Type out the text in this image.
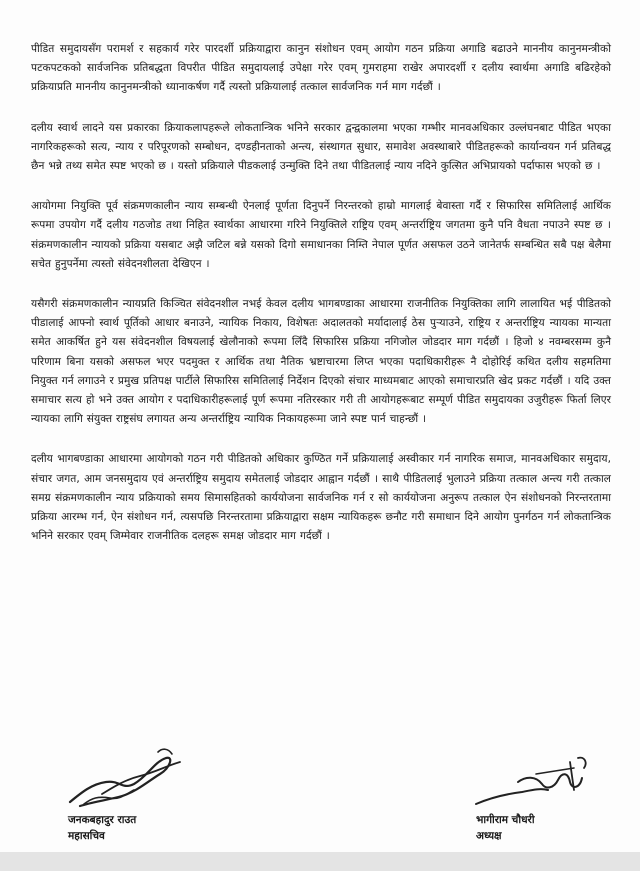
पीडित समुदायसँग परामर्श र सहकार्य गरेर पारदर्शी प्रक्रियाद्वारा कानुन संशोधन एवम् आयोग गठन प्रक्रिया अगाडि बढाउने माननीय कानुनमन्त्रीको पटकपटकको सार्वजनिक प्रतिबद्धता विपरीत पीडित समुदायलाई उपेक्षा गरेर एवम् गुमराहमा राखेर अपारदर्शी र दलीय स्वार्थमा अगाडि बढिरहेको प्रक्रियाप्रति माननीय कानुनमन्त्रीको ध्यानाकर्षण गर्दै त्यस्तो प्रक्रियालाई तत्काल सार्वजनिक गर्न माग गर्दछौं ।

दलीय स्वार्थ लादने यस प्रकारका क्रियाकलापहरूले लोकतान्त्रिक भनिने सरकार द्वन्द्वकालमा भएका गम्भीर मानवअधिकार उल्लंघनबाट पीडित भएका नागरिकहरूको सत्य, न्याय र परिपूरणको सम्बोधन, दण्डहीनताको अन्त्य, संस्थागत सुधार, समावेश अवस्थाबारे पीडितहरूको कार्यान्वयन गर्न प्रतिबद्ध छैन भन्ने तथ्य समेत स्पष्ट भएको छ । यस्तो प्रक्रियाले पीडकलाई उन्मुक्ति दिने तथा पीडितलाई न्याय नदिने कुत्सित अभिप्रायको पर्दाफास भएको छ ।

आयोगमा नियुक्ति पूर्व संक्रमणकालीन न्याय सम्बन्धी ऐनलाई पूर्णता दिनुपर्ने निरन्तरको हाम्रो मागलाई बेवास्ता गर्दै र सिफारिस समितिलाई आर्थिक रूपमा उपयोग गर्दै दलीय गठजोड तथा निहित स्वार्थका आधारमा गरिने नियुक्तिले राष्ट्रिय एवम् अन्तर्राष्ट्रिय जगतमा कुनै पनि वैधता नपाउने स्पष्ट छ । संक्रमणकालीन न्यायको प्रक्रिया यसबाट अझै जटिल बन्ने यसको दिगो समाधानका निम्ति नेपाल पूर्णत असफल उठने जानेतर्फ सम्बन्धित सबै पक्ष बेलैमा सचेत हुनुपर्नेमा त्यस्तो संवेदनशीलता देखिएन ।

यसैगरी संक्रमणकालीन न्यायप्रति किञ्चित संवेदनशील नभई केवल दलीय भागबण्डाका आधारमा राजनीतिक नियुक्तिका लागि लालायित भई पीडितको पीडालाई आफ्नो स्वार्थ पूर्तिको आधार बनाउने, न्यायिक निकाय, विशेषतः अदालतको मर्यादालाई ठेस पुऱ्याउने, राष्ट्रिय र अन्तर्राष्ट्रिय न्यायका मान्यता समेत आकर्षित हुने यस संवेदनशील विषयलाई खेलौनाको रूपमा लिँदै सिफारिस प्रक्रिया नगिजोल जोडदार माग गर्दछौं । हिजो ४ नवम्बरसम्म कुनै परिणाम बिना यसको असफल भएर पदमुक्त र आर्थिक तथा नैतिक भ्रष्टाचारमा लिप्त भएका पदाधिकारीहरू नै दोहोरिई कथित दलीय सहमतिमा नियुक्त गर्न लगाउने र प्रमुख प्रतिपक्ष पार्टीले सिफारिस समितिलाई निर्देशन दिएको संचार माध्यमबाट आएको समाचारप्रति खेद प्रकट गर्दछौं । यदि उक्त समाचार सत्य हो भने उक्त आयोग र पदाधिकारीहरूलाई पूर्ण रूपमा नतिरस्कार गरी ती आयोगहरूबाट सम्पूर्ण पीडित समुदायका उजुरीहरू फिर्ता लिएर न्यायका लागि संयुक्त राष्ट्रसंघ लगायत अन्य अन्तर्राष्ट्रिय न्यायिक निकायहरूमा जाने स्पष्ट पार्न चाहन्छौं ।

दलीय भागबण्डाका आधारमा आयोगको गठन गरी पीडितको अधिकार कुण्ठित गर्ने प्रक्रियालाई अस्वीकार गर्न नागरिक समाज, मानवअधिकार समुदाय, संचार जगत, आम जनसमुदाय एवं अन्तर्राष्ट्रिय समुदाय समेतलाई जोडदार आह्वान गर्दछौं । साथै पीडितलाई भुलाउने प्रक्रिया तत्काल अन्त्य गरी तत्काल समग्र संक्रमणकालीन न्याय प्रक्रियाको समय सिमासहितको कार्ययोजना सार्वजनिक गर्न र सो कार्ययोजना अनुरूप तत्काल ऐन संशोधनको निरन्तरतामा प्रक्रिया आरम्भ गर्न, ऐन संशोधन गर्न, त्यसपछि निरन्तरतामा प्रक्रियाद्वारा सक्षम न्यायिकहरू छनौट गरी समाधान दिने आयोग पुनर्गठन गर्न लोकतान्त्रिक भनिने सरकार एवम् जिम्मेवार राजनीतिक दलहरू समक्ष जोडदार माग गर्दछौं ।

जनकबहादुर राउत
महासचिव
भागीराम चौधरी
अध्यक्ष
